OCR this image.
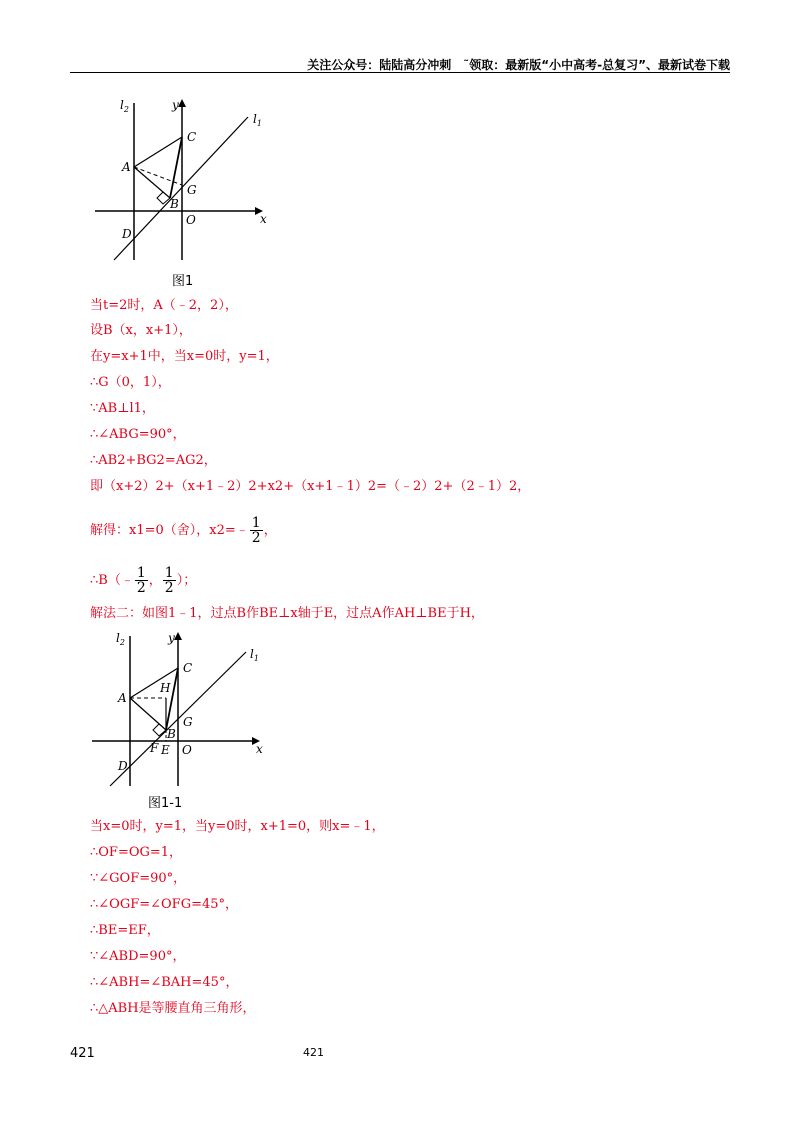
关注公众号：陆陆高分冲刺　˜领取：最新版“小中高考-总复习”、最新试卷下载
$l_2$	y
$l_1$
C
A
G
B
O	x
D
图1
当t=2时，A（﹣2，2），
设B（x，x+1），
在y=x+1中，当x=0时，y=1，
∴G（0，1），
∵AB⊥l1，
∴∠ABG=90°，
∴AB2+BG2=AG2，
即（x+2）2+（x+1﹣2）2+x2+（x+1﹣1）2=（﹣2）2+（2﹣1）2，
解得：x1=0（舍），x2=﹣ $\frac{1}{2}$ ，
∴B（﹣ $\frac{1}{2}$ ， $\frac{1}{2}$ ）；
解法二：如图1﹣1，过点B作BE⊥x轴于E，过点A作AH⊥BE于H，
$l_2$	y
$l_1$
C
H
A
G
B
F E O	x
D
图1-1
当x=0时，y=1，当y=0时，x+1=0，则x=﹣1，
∴OF=OG=1，
∵∠GOF=90°，
∴∠OGF=∠OFG=45°，
∴BE=EF，
∵∠ABD=90°，
∴∠ABH=∠BAH=45°，
∴△ABH是等腰直角三角形，
421	421
